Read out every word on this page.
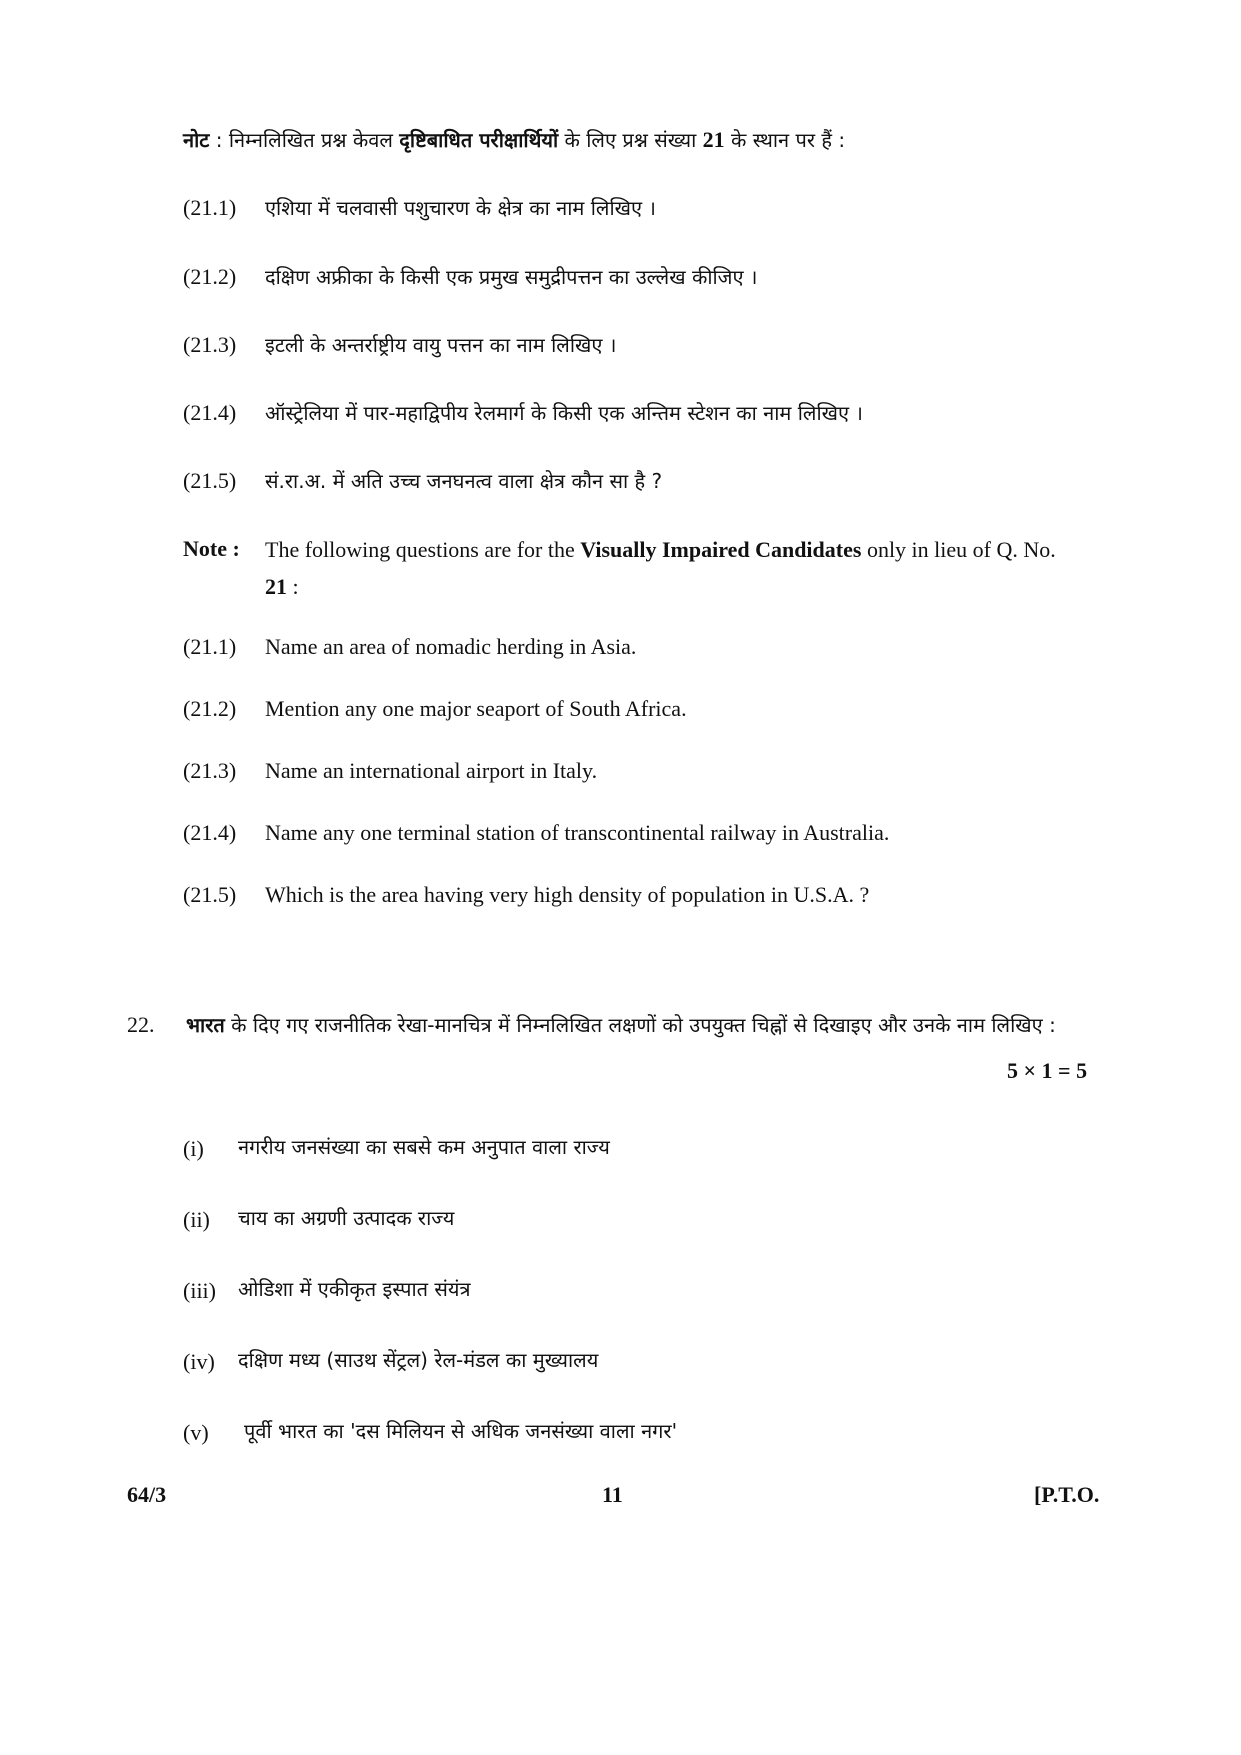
नोट : निम्नलिखित प्रश्न केवल दृष्टिबाधित परीक्षार्थियों के लिए प्रश्न संख्या 21 के स्थान पर हैं :
(21.1) एशिया में चलवासी पशुचारण के क्षेत्र का नाम लिखिए ।
(21.2) दक्षिण अफ्रीका के किसी एक प्रमुख समुद्रीपत्तन का उल्लेख कीजिए ।
(21.3) इटली के अन्तर्राष्ट्रीय वायु पत्तन का नाम लिखिए ।
(21.4) ऑस्ट्रेलिया में पार-महाद्विपीय रेलमार्ग के किसी एक अन्तिम स्टेशन का नाम लिखिए ।
(21.5) सं.रा.अ. में अति उच्च जनघनत्व वाला क्षेत्र कौन सा है ?
Note : The following questions are for the Visually Impaired Candidates only in lieu of Q. No. 21 :
(21.1) Name an area of nomadic herding in Asia.
(21.2) Mention any one major seaport of South Africa.
(21.3) Name an international airport in Italy.
(21.4) Name any one terminal station of transcontinental railway in Australia.
(21.5) Which is the area having very high density of population in U.S.A. ?
22. भारत के दिए गए राजनीतिक रेखा-मानचित्र में निम्नलिखित लक्षणों को उपयुक्त चिह्नों से दिखाइए और उनके नाम लिखिए :
5 × 1 = 5
(i) नगरीय जनसंख्या का सबसे कम अनुपात वाला राज्य
(ii) चाय का अग्रणी उत्पादक राज्य
(iii) ओडिशा में एकीकृत इस्पात संयंत्र
(iv) दक्षिण मध्य (साउथ सेंट्रल) रेल-मंडल का मुख्यालय
(v) पूर्वी भारत का 'दस मिलियन से अधिक जनसंख्या वाला नगर'
64/3	11	[P.T.O.
